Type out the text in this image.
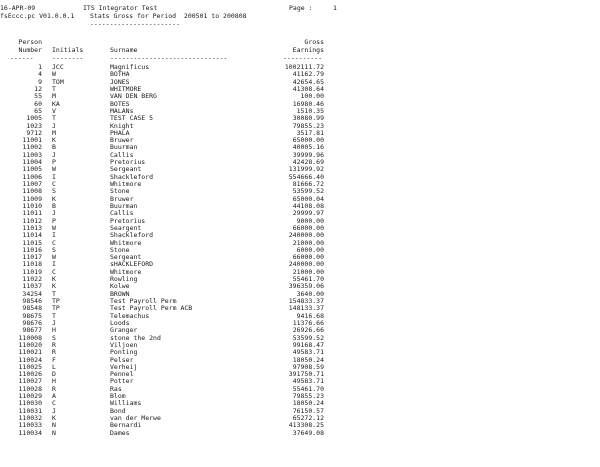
16-APR-09	ITS Integrator Test	Page :	1
fsEccc.pc V01.0.0.1 Stats Gross for Period  200501 to 200808
-----------------------
Person
Number Initials	Surname
Gross
Earnings
------	--------	------------------------------	----------
1 JCC	Magnificus	1002111.72
4 W	BOTHA	41162.79
9 TOM	JONES	42654.65
12 T	WHITMORE	41308.64
55 M	VAN DEN BERG	100.00
60 KA	BOTES	16980.46
65 V	MALANs	1510.35
1005 T	TEST CASE 5	30080.99
1023 J	Knight	79855.23
9712 M	PHALA	3517.81
11001 K	Bruwer	65000.00
11002 B	Buurman	40005.16
11003 J	Callis	39999.96
11004 P	Pretorius	42428.69
11005 W	Sergeant	131999.92
11006 I	Shackleford	554666.40
11007 C	Whitmore	81666.72
11008 S	Stone	53599.52
11009 K	Bruwer	65000.04
11010 B	Buurman	44108.08
11011 J	Callis	29999.97
11012 P	Pretorius	9000.00
11013 W	Seargent	66000.00
11014 I	Shackleford	240000.00
11015 C	Whitmore	21000.00
11016 S	Stone	6000.00
11017 W	Sergeant	66000.00
11018 I	sHACKLEFORD	240000.00
11019 C	Whitmore	21000.00
11022 K	Rowling	55461.70
11037 K	Kolwe	396359.06
34254 T	BROWN	3640.00
98546 TP	Test Payroll Perm	154833.37
98548 TP	Test Payroll Perm ACB	148133.37
98675 T	Telemachus	9416.68
98676 J	Loods	11376.66
98677 H	Granger	26926.66
110008 S	stone the 2nd	53599.52
110020 R	Viljoen	99168.47
110021 R	Ponting	49583.71
110024 F	Pelser	18050.24
110025 L	Verheij	97908.59
110026 D	Pennel	391750.71
110027 H	Potter	49583.71
110028 R	Ras	55461.70
110029 A	Blom	79855.23
110030 C	Williams	18050.24
110031 J	Bond	76150.57
110032 K	van der Merwe	65272.12
110033 N	Bernardi	413308.25
110034 N	Dames	37649.08
